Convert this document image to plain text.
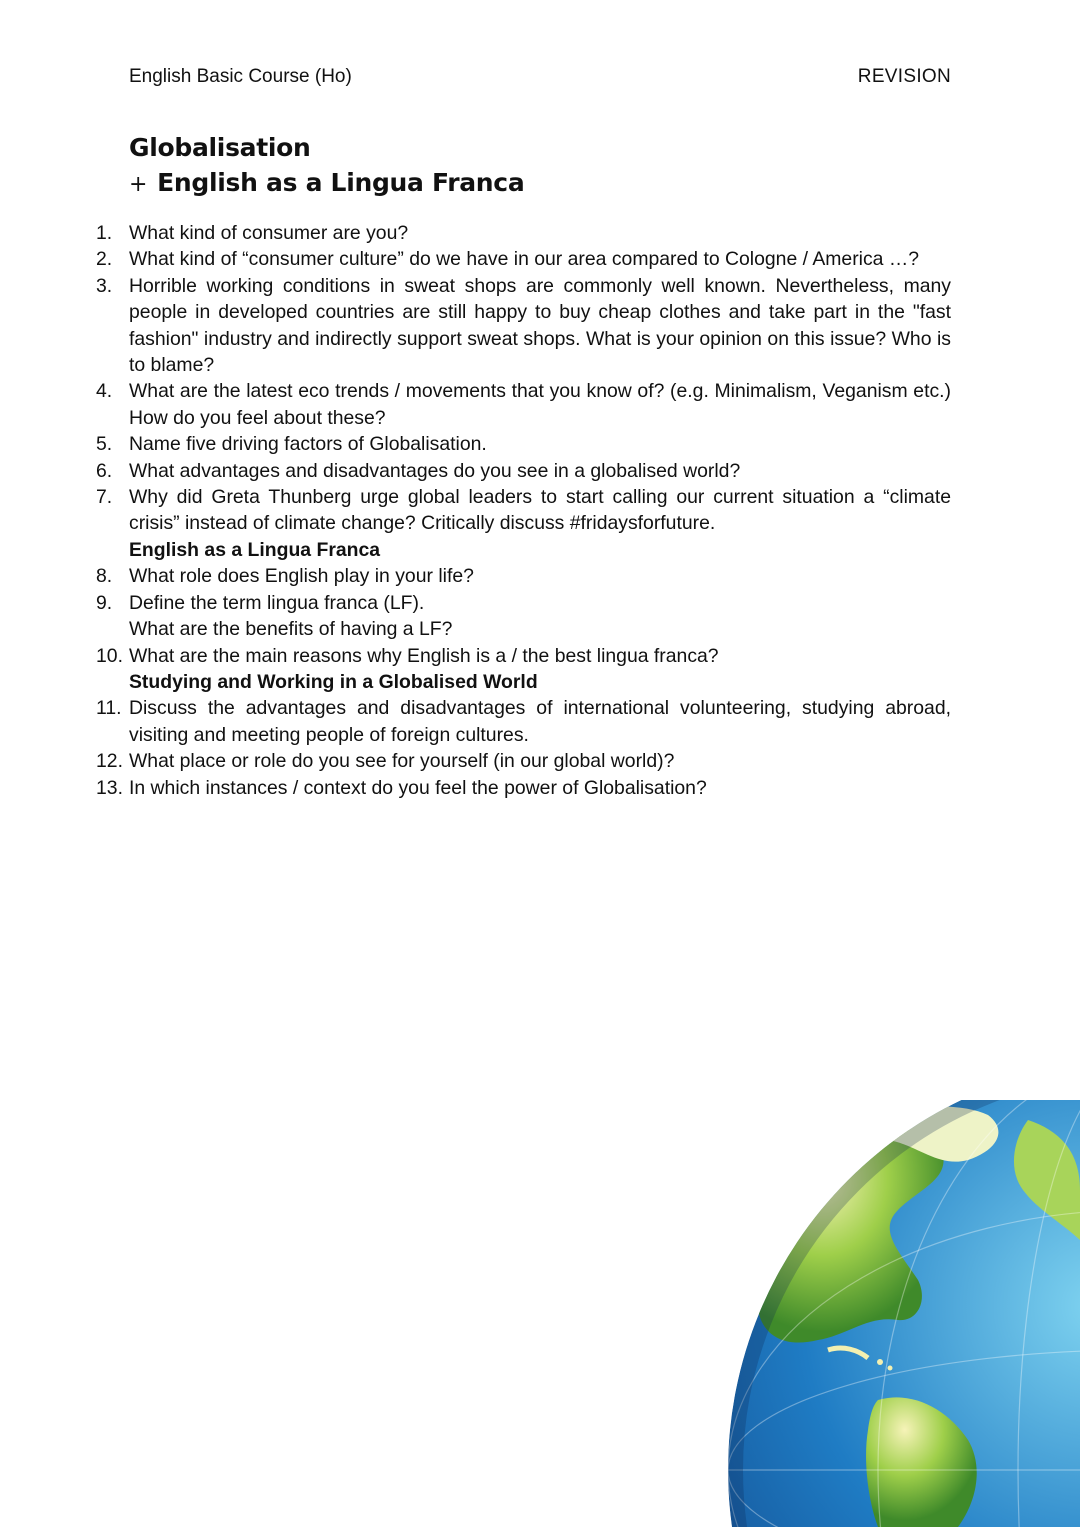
English Basic Course (Ho)	REVISION
Globalisation
+ English as a Lingua Franca
1. What kind of consumer are you?
2. What kind of “consumer culture” do we have in our area compared to Cologne / America …?
3. Horrible working conditions in sweat shops are commonly well known. Nevertheless, many people in developed countries are still happy to buy cheap clothes and take part in the "fast fashion" industry and indirectly support sweat shops. What is your opinion on this issue? Who is to blame?
4. What are the latest eco trends / movements that you know of? (e.g. Minimalism, Veganism etc.) How do you feel about these?
5. Name five driving factors of Globalisation.
6. What advantages and disadvantages do you see in a globalised world?
7. Why did Greta Thunberg urge global leaders to start calling our current situation a “climate crisis” instead of climate change? Critically discuss #fridaysforfuture.
English as a Lingua Franca
8. What role does English play in your life?
9. Define the term lingua franca (LF).
What are the benefits of having a LF?
10. What are the main reasons why English is a / the best lingua franca?
Studying and Working in a Globalised World
11. Discuss the advantages and disadvantages of international volunteering, studying abroad, visiting and meeting people of foreign cultures.
12. What place or role do you see for yourself (in our global world)?
13. In which instances / context do you feel the power of Globalisation?
